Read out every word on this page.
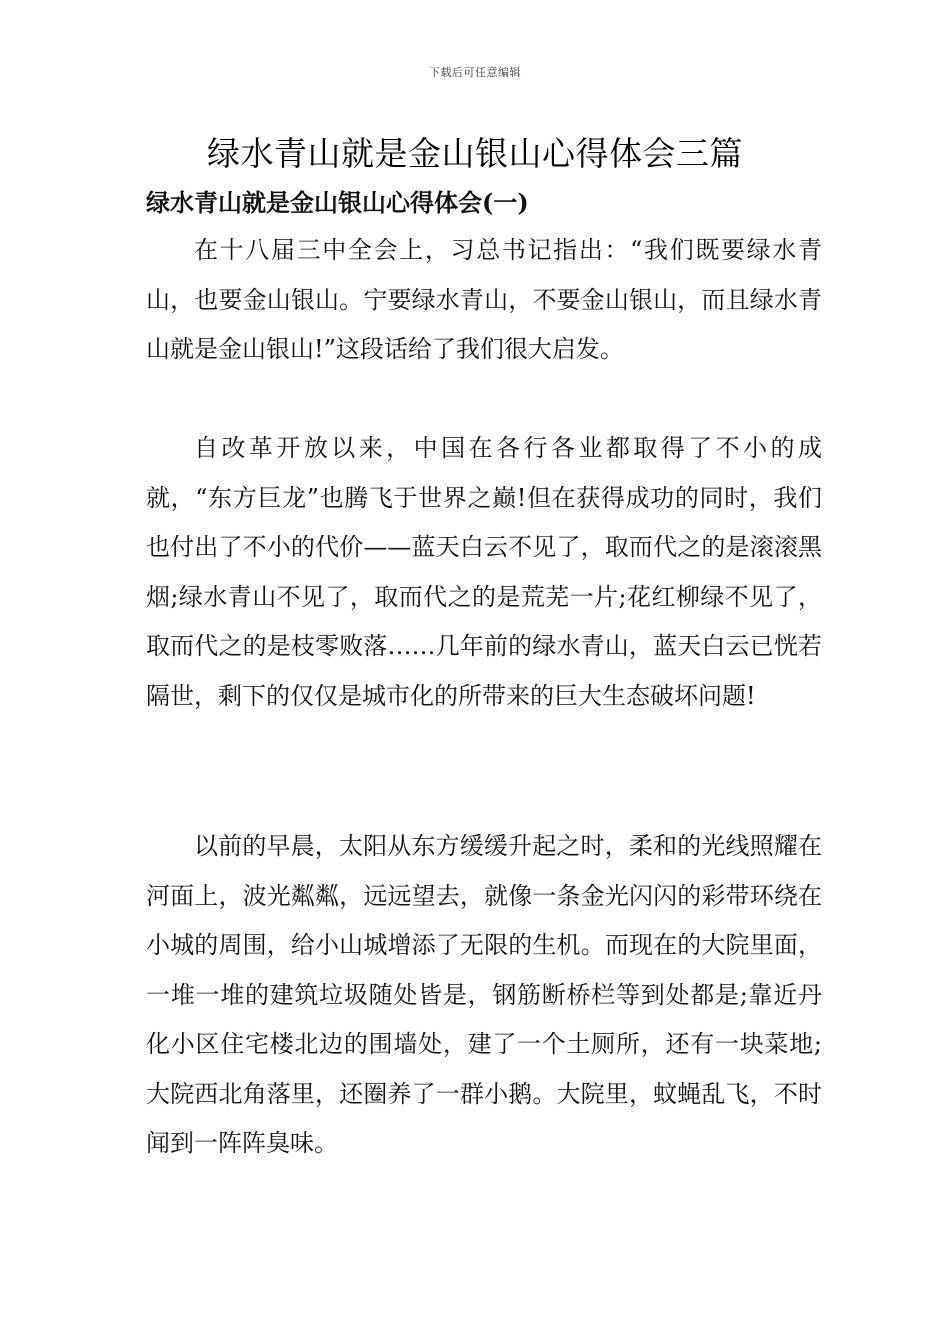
下载后可任意编辑
绿水青山就是金山银山心得体会三篇
绿水青山就是金山银山心得体会(一)

在十八届三中全会上，习总书记指出：“我们既要绿水青山，也要金山银山。宁要绿水青山，不要金山银山，而且绿水青山就是金山银山!”这段话给了我们很大启发。

自改革开放以来，中国在各行各业都取得了不小的成就，“东方巨龙”也腾飞于世界之巅!但在获得成功的同时，我们也付出了不小的代价——蓝天白云不见了，取而代之的是滚滚黑烟;绿水青山不见了，取而代之的是荒芜一片;花红柳绿不见了，取而代之的是枝零败落……几年前的绿水青山，蓝天白云已恍若隔世，剩下的仅仅是城市化的所带来的巨大生态破坏问题!

以前的早晨，太阳从东方缓缓升起之时，柔和的光线照耀在河面上，波光粼粼，远远望去，就像一条金光闪闪的彩带环绕在小城的周围，给小山城增添了无限的生机。而现在的大院里面，一堆一堆的建筑垃圾随处皆是，钢筋断桥栏等到处都是;靠近丹化小区住宅楼北边的围墙处，建了一个土厕所，还有一块菜地;大院西北角落里，还圈养了一群小鹅。大院里，蚊蝇乱飞，不时闻到一阵阵臭味。
